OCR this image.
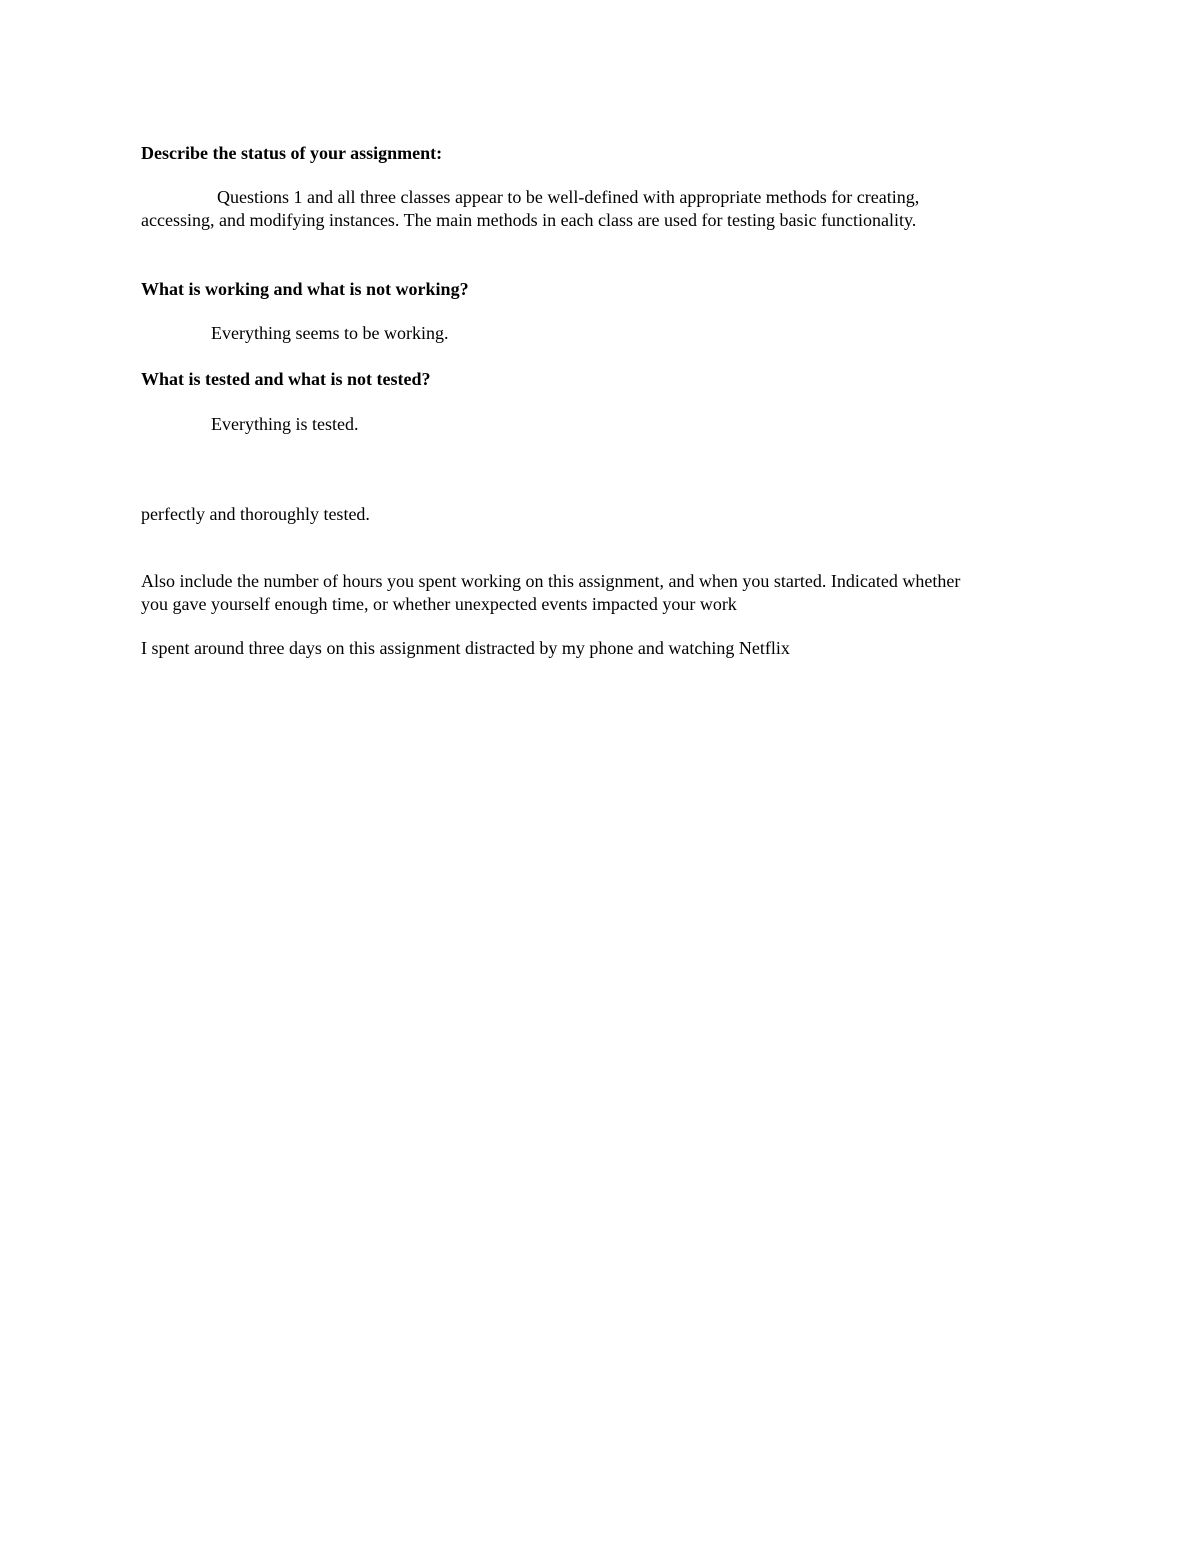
Describe the status of your assignment:
Questions 1 and all three classes appear to be well-defined with appropriate methods for creating,
accessing, and modifying instances. The main methods in each class are used for testing basic functionality.
What is working and what is not working?
Everything seems to be working.
What is tested and what is not tested?
Everything is tested.
perfectly and thoroughly tested.
Also include the number of hours you spent working on this assignment, and when you started. Indicated whether
you gave yourself enough time, or whether unexpected events impacted your work
I spent around three days on this assignment distracted by my phone and watching Netflix
